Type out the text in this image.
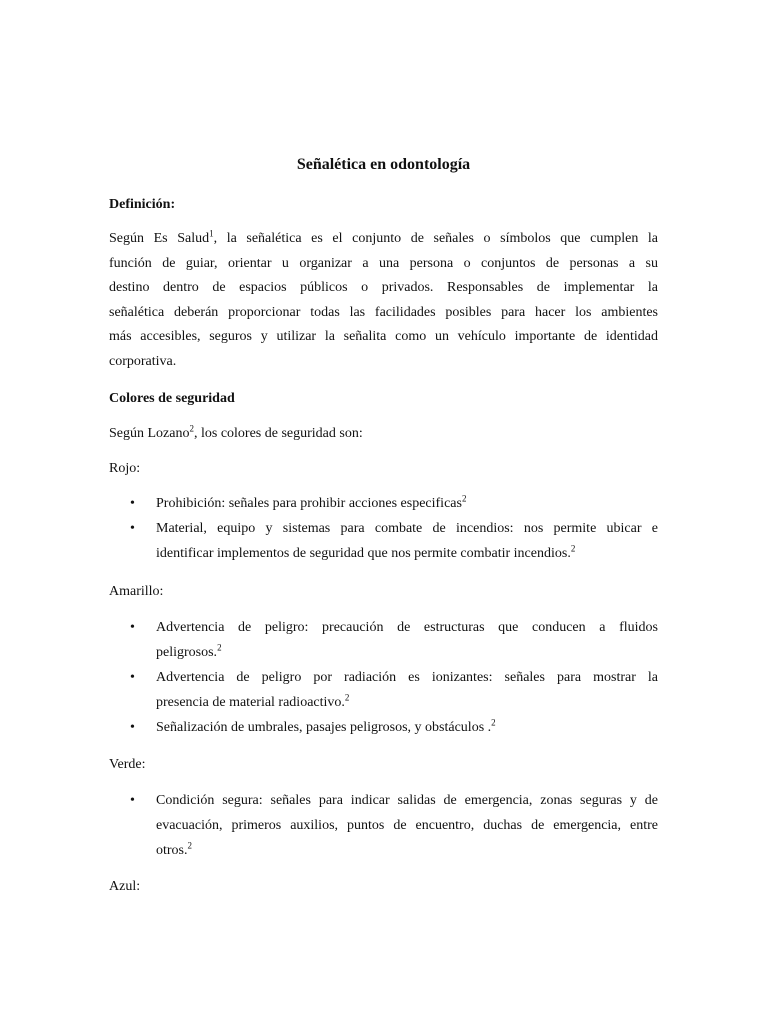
Señalética en odontología

Definición:

Según Es Salud$^1$, la señalética es el conjunto de señales o símbolos que cumplen la
función de guiar, orientar u organizar a una persona o conjuntos de personas a su
destino dentro de espacios públicos o privados. Responsables de implementar la
señalética deberán proporcionar todas las facilidades posibles para hacer los ambientes
más accesibles, seguros y utilizar la señalita como un vehículo importante de identidad
corporativa.

Colores de seguridad

Según Lozano$^2$, los colores de seguridad son:

Rojo:

• Prohibición: señales para prohibir acciones especificas$^2$
• Material, equipo y sistemas para combate de incendios: nos permite ubicar e
identificar implementos de seguridad que nos permite combatir incendios.$^2$

Amarillo:

• Advertencia de peligro: precaución de estructuras que conducen a fluidos
peligrosos.$^2$
• Advertencia de peligro por radiación es ionizantes: señales para mostrar la
presencia de material radioactivo.$^2$
• Señalización de umbrales, pasajes peligrosos, y obstáculos .$^2$

Verde:

• Condición segura: señales para indicar salidas de emergencia, zonas seguras y de
evacuación, primeros auxilios, puntos de encuentro, duchas de emergencia, entre
otros.$^2$

Azul:
